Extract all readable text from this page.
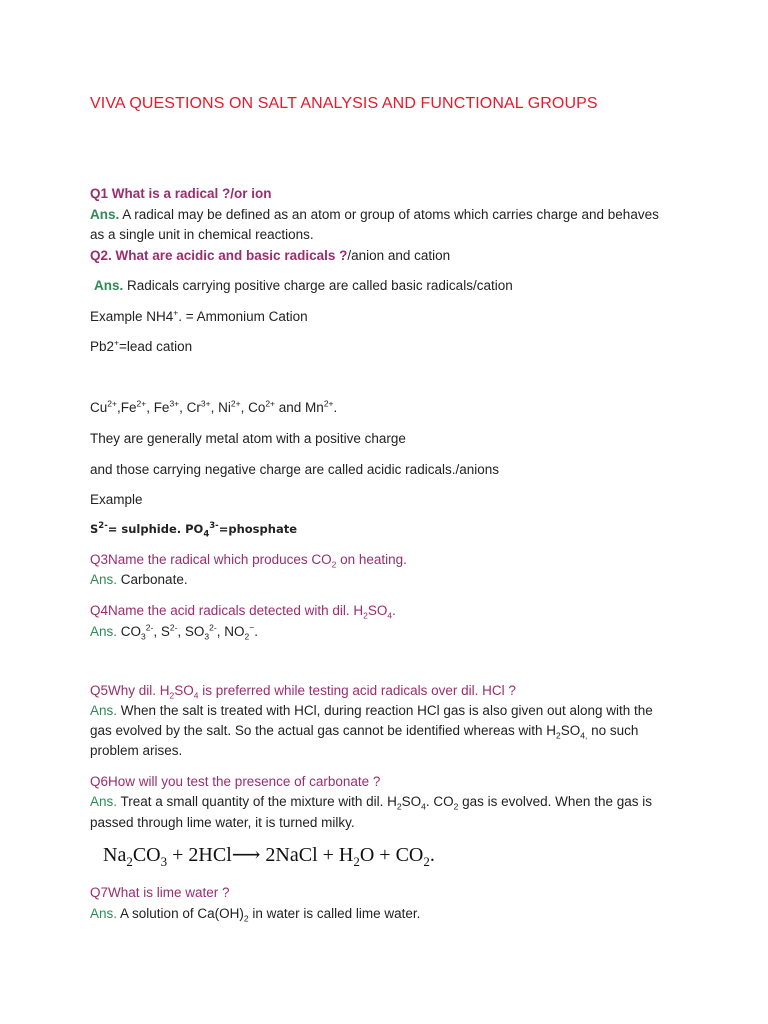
VIVA QUESTIONS ON SALT ANALYSIS AND FUNCTIONAL GROUPS

Q1 What is a radical ?/or ion

Ans. A radical may be defined as an atom or group of atoms which carries charge and behaves

as a single unit in chemical reactions.

Q2. What are acidic and basic radicals ?/anion and cation

Ans. Radicals carrying positive charge are called basic radicals/cation

Example NH4+. = Ammonium Cation

Pb2+=lead cation

$Cu^{2+},Fe^{2+}$, $Fe^{3+}$, $Cr^{3+}$, $Ni^{2+}$, $Co^{2+}$ and $Mn^{2+}$.

They are generally metal atom with a positive charge

and those carrying negative charge are called acidic radicals./anions

Example

$S^{2-}=$ sulphide. $PO_4^{3-}=phosphate$

Q3Name the radical which produces $CO_2$ on heating.

Ans. Carbonate.

Q4Name the acid radicals detected with dil. $H_2SO_4$.

Ans. $CO_3^{2-}$, $S^{2-}$, $SO_3^{2-}$, $NO_2^-$.

Q5Why dil. $H_2SO_4$ is preferred while testing acid radicals over dil. HCl ?

Ans. When the salt is treated with HCl, during reaction HCl gas is also given out along with the

gas evolved by the salt. So the actual gas cannot be identified whereas with $H_2SO_{4,}$ no such

problem arises.

Q6How will you test the presence of carbonate ?

Ans. Treat a small quantity of the mixture with dil. $H_2SO_4$. $CO_2$ gas is evolved. When the gas is

passed through lime water, it is turned milky.

$Na_2CO_3$ + 2HCl⟶ 2NaCl + $H_2O + CO_2$.

Q7What is lime water ?

Ans. A solution of $Ca(OH)_2$ in water is called lime water.
